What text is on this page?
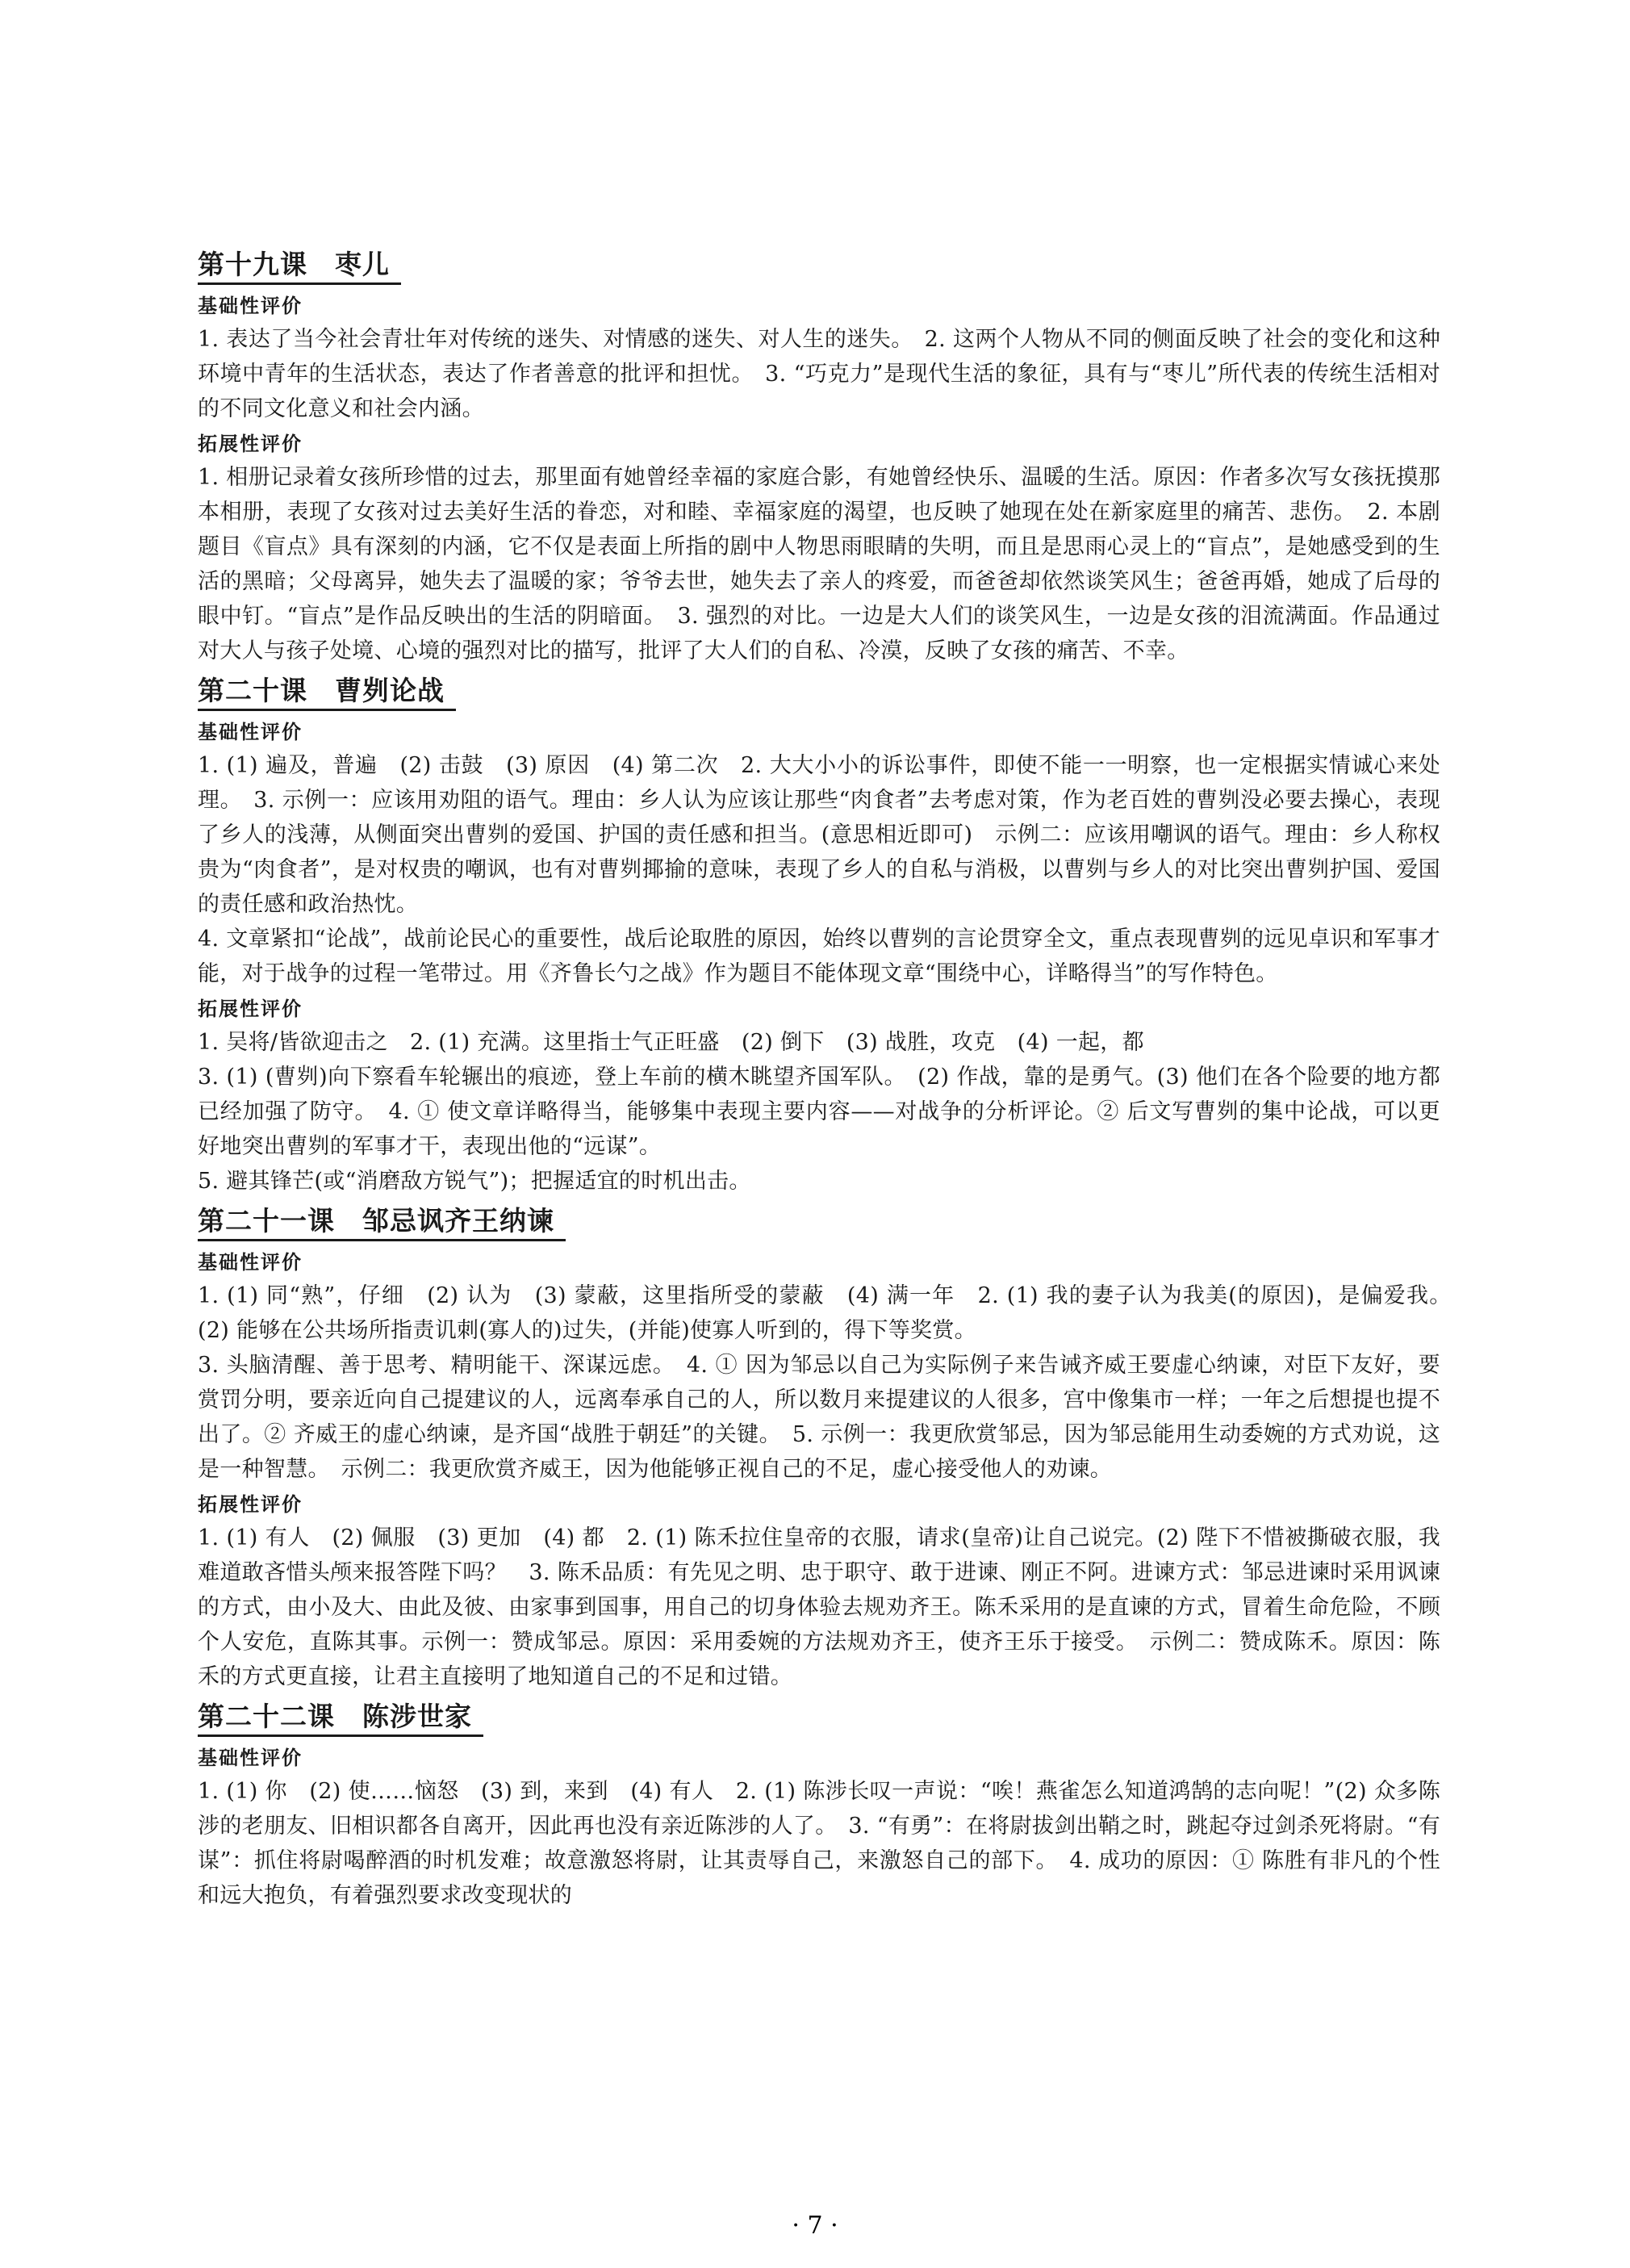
第十九课　枣儿
基础性评价
1. 表达了当今社会青壮年对传统的迷失、对情感的迷失、对人生的迷失。　2. 这两个人物从不同的侧面反映了社会的变化和这种环境中青年的生活状态，表达了作者善意的批评和担忧。　3. “巧克力”是现代生活的象征，具有与“枣儿”所代表的传统生活相对的不同文化意义和社会内涵。
拓展性评价
1. 相册记录着女孩所珍惜的过去，那里面有她曾经幸福的家庭合影，有她曾经快乐、温暖的生活。原因：作者多次写女孩抚摸那本相册，表现了女孩对过去美好生活的眷恋，对和睦、幸福家庭的渴望，也反映了她现在处在新家庭里的痛苦、悲伤。　2. 本剧题目《盲点》具有深刻的内涵，它不仅是表面上所指的剧中人物思雨眼睛的失明，而且是思雨心灵上的“盲点”，是她感受到的生活的黑暗；父母离异，她失去了温暖的家；爷爷去世，她失去了亲人的疼爱，而爸爸却依然谈笑风生；爸爸再婚，她成了后母的眼中钉。“盲点”是作品反映出的生活的阴暗面。　3. 强烈的对比。一边是大人们的谈笑风生，一边是女孩的泪流满面。作品通过对大人与孩子处境、心境的强烈对比的描写，批评了大人们的自私、冷漠，反映了女孩的痛苦、不幸。
第二十课　曹刿论战
基础性评价
1. (1) 遍及，普遍　(2) 击鼓　(3) 原因　(4) 第二次　2. 大大小小的诉讼事件，即使不能一一明察，也一定根据实情诚心来处理。　3. 示例一：应该用劝阻的语气。理由：乡人认为应该让那些“肉食者”去考虑对策，作为老百姓的曹刿没必要去操心，表现了乡人的浅薄，从侧面突出曹刿的爱国、护国的责任感和担当。(意思相近即可)　示例二：应该用嘲讽的语气。理由：乡人称权贵为“肉食者”，是对权贵的嘲讽，也有对曹刿揶揄的意味，表现了乡人的自私与消极，以曹刿与乡人的对比突出曹刿护国、爱国的责任感和政治热忱。
4. 文章紧扣“论战”，战前论民心的重要性，战后论取胜的原因，始终以曹刿的言论贯穿全文，重点表现曹刿的远见卓识和军事才能，对于战争的过程一笔带过。用《齐鲁长勺之战》作为题目不能体现文章“围绕中心，详略得当”的写作特色。
拓展性评价
1. 吴将/皆欲迎击之　2. (1) 充满。这里指士气正旺盛　(2) 倒下　(3) 战胜，攻克　(4) 一起，都
3. (1) (曹刿)向下察看车轮辗出的痕迹，登上车前的横木眺望齐国军队。　(2) 作战，靠的是勇气。(3) 他们在各个险要的地方都已经加强了防守。　4. ① 使文章详略得当，能够集中表现主要内容——对战争的分析评论。② 后文写曹刿的集中论战，可以更好地突出曹刿的军事才干，表现出他的“远谋”。
5. 避其锋芒(或“消磨敌方锐气”)；把握适宜的时机出击。
第二十一课　邹忌讽齐王纳谏
基础性评价
1. (1) 同“熟”，仔细　(2) 认为　(3) 蒙蔽，这里指所受的蒙蔽　(4) 满一年　2. (1) 我的妻子认为我美(的原因)，是偏爱我。　(2) 能够在公共场所指责讥刺(寡人的)过失，(并能)使寡人听到的，得下等奖赏。
3. 头脑清醒、善于思考、精明能干、深谋远虑。　4. ① 因为邹忌以自己为实际例子来告诫齐威王要虚心纳谏，对臣下友好，要赏罚分明，要亲近向自己提建议的人，远离奉承自己的人，所以数月来提建议的人很多，宫中像集市一样；一年之后想提也提不出了。② 齐威王的虚心纳谏，是齐国“战胜于朝廷”的关键。　5. 示例一：我更欣赏邹忌，因为邹忌能用生动委婉的方式劝说，这是一种智慧。　示例二：我更欣赏齐威王，因为他能够正视自己的不足，虚心接受他人的劝谏。
拓展性评价
1. (1) 有人　(2) 佩服　(3) 更加　(4) 都　2. (1) 陈禾拉住皇帝的衣服，请求(皇帝)让自己说完。(2) 陛下不惜被撕破衣服，我难道敢吝惜头颅来报答陛下吗？　3. 陈禾品质：有先见之明、忠于职守、敢于进谏、刚正不阿。进谏方式：邹忌进谏时采用讽谏的方式，由小及大、由此及彼、由家事到国事，用自己的切身体验去规劝齐王。陈禾采用的是直谏的方式，冒着生命危险，不顾个人安危，直陈其事。示例一：赞成邹忌。原因：采用委婉的方法规劝齐王，使齐王乐于接受。　示例二：赞成陈禾。原因：陈禾的方式更直接，让君主直接明了地知道自己的不足和过错。
第二十二课　陈涉世家
基础性评价
1. (1) 你　(2) 使……恼怒　(3) 到，来到　(4) 有人　2. (1) 陈涉长叹一声说：“唉！燕雀怎么知道鸿鹄的志向呢！”(2) 众多陈涉的老朋友、旧相识都各自离开，因此再也没有亲近陈涉的人了。　3. “有勇”：在将尉拔剑出鞘之时，跳起夺过剑杀死将尉。“有谋”：抓住将尉喝醉酒的时机发难；故意激怒将尉，让其责辱自己，来激怒自己的部下。　4. 成功的原因：① 陈胜有非凡的个性和远大抱负，有着强烈要求改变现状的
· 7 ·
